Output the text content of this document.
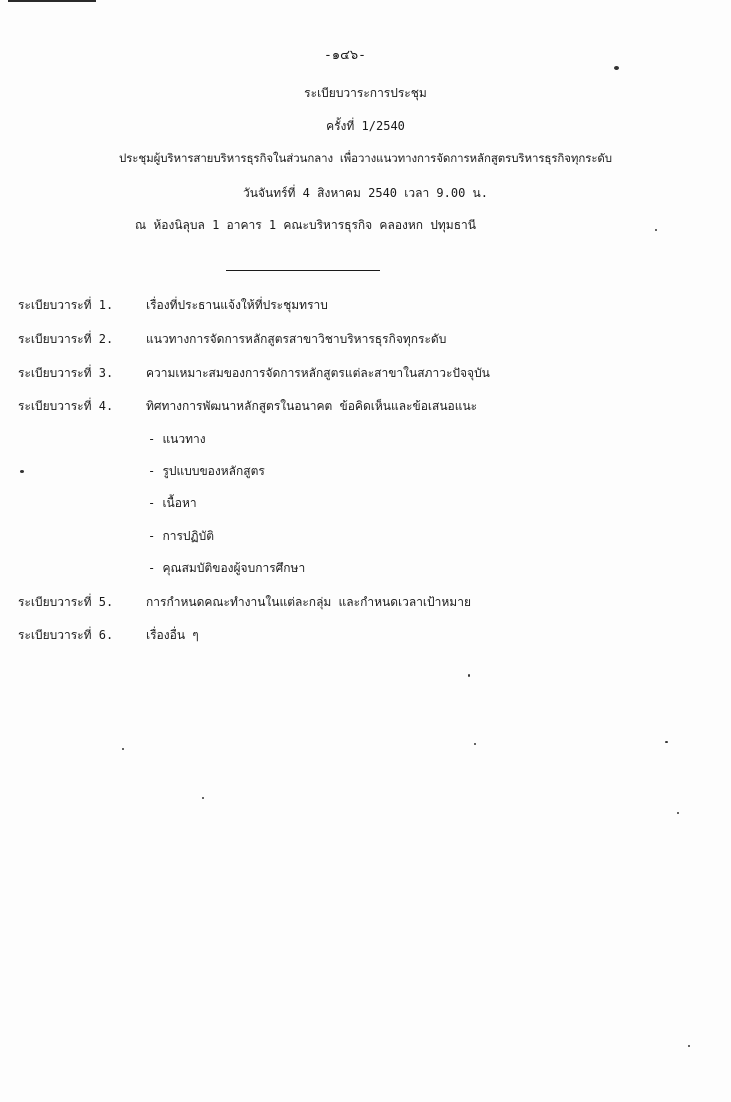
-๑๔๖-
ระเบียบวาระการประชุม
ครั้งที่ 1/2540
ประชุมผู้บริหารสายบริหารธุรกิจในส่วนกลาง เพื่อวางแนวทางการจัดการหลักสูตรบริหารธุรกิจทุกระดับ
วันจันทร์ที่ 4 สิงหาคม 2540 เวลา 9.00 น.
ณ ห้องนิลุบล 1 อาคาร 1 คณะบริหารธุรกิจ คลองหก ปทุมธานี
ระเบียบวาระที่ 1.	เรื่องที่ประธานแจ้งให้ที่ประชุมทราบ
ระเบียบวาระที่ 2.	แนวทางการจัดการหลักสูตรสาขาวิชาบริหารธุรกิจทุกระดับ
ระเบียบวาระที่ 3.	ความเหมาะสมของการจัดการหลักสูตรแต่ละสาขาในสภาวะปัจจุบัน
ระเบียบวาระที่ 4.	ทิศทางการพัฒนาหลักสูตรในอนาคต ข้อคิดเห็นและข้อเสนอแนะ
- แนวทาง
- รูปแบบของหลักสูตร
- เนื้อหา
- การปฏิบัติ
- คุณสมบัติของผู้จบการศึกษา
ระเบียบวาระที่ 5.	การกำหนดคณะทำงานในแต่ละกลุ่ม และกำหนดเวลาเป้าหมาย
ระเบียบวาระที่ 6.	เรื่องอื่น ๆ
